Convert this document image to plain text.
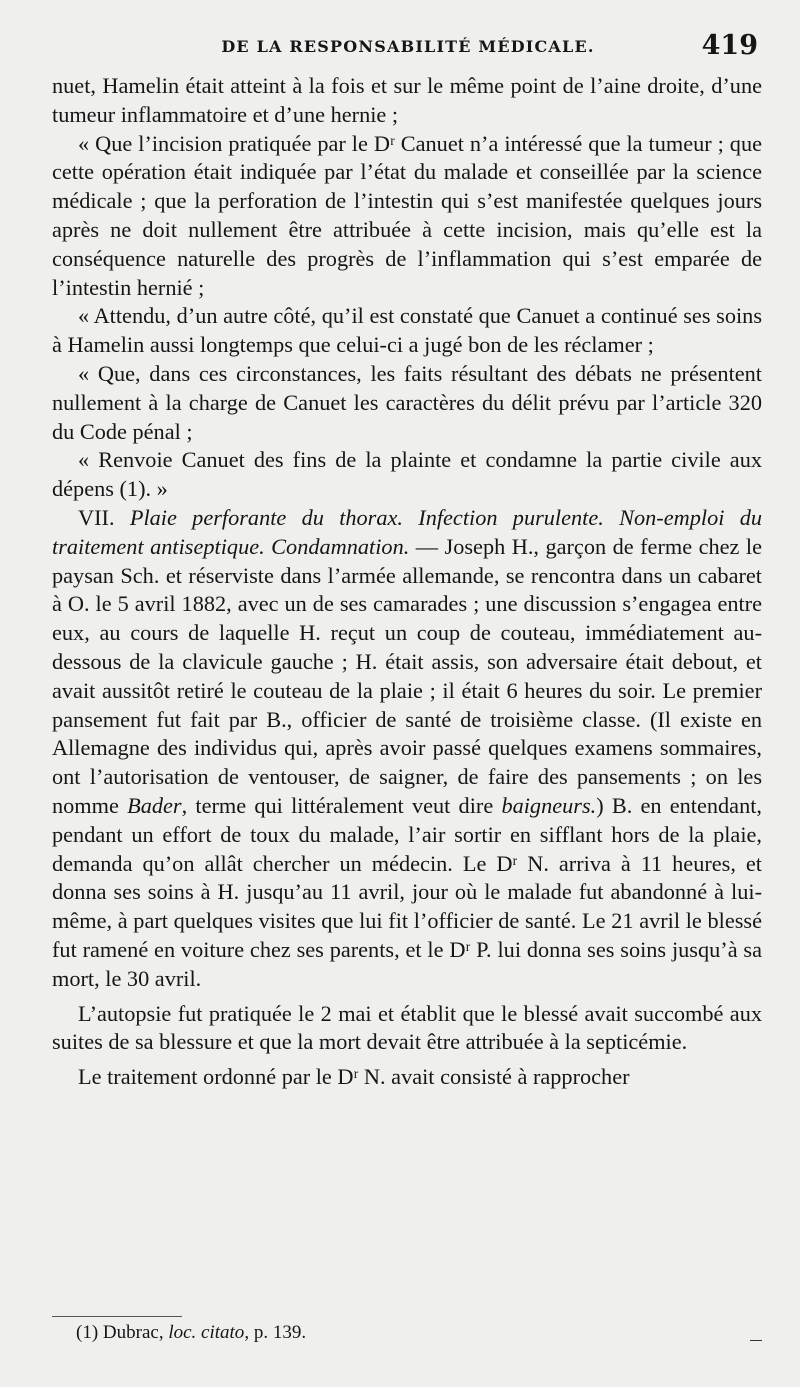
DE LA RESPONSABILITÉ MÉDICALE.	419

nuet, Hamelin était atteint à la fois et sur le même point de l’aine droite, d’une tumeur inflammatoire et d’une hernie ;

« Que l’incision pratiquée par le Dʳ Canuet n’a intéressé que la tumeur ; que cette opération était indiquée par l’état du malade et conseillée par la science médicale ; que la perforation de l’intestin qui s’est manifestée quelques jours après ne doit nullement être attribuée à cette incision, mais qu’elle est la conséquence naturelle des progrès de l’inflammation qui s’est emparée de l’intestin hernié ;

« Attendu, d’un autre côté, qu’il est constaté que Canuet a continué ses soins à Hamelin aussi longtemps que celui-ci a jugé bon de les réclamer ;

« Que, dans ces circonstances, les faits résultant des débats ne présentent nullement à la charge de Canuet les caractères du délit prévu par l’article 320 du Code pénal ;

« Renvoie Canuet des fins de la plainte et condamne la partie civile aux dépens (1). »

VII. Plaie perforante du thorax. Infection purulente. Non-emploi du traitement antiseptique. Condamnation. — Joseph H., garçon de ferme chez le paysan Sch. et réserviste dans l’armée allemande, se rencontra dans un cabaret à O. le 5 avril 1882, avec un de ses camarades ; une discussion s’engagea entre eux, au cours de laquelle H. reçut un coup de couteau, immédiatement au-dessous de la clavicule gauche ; H. était assis, son adversaire était debout, et avait aussitôt retiré le couteau de la plaie ; il était 6 heures du soir. Le premier pansement fut fait par B., officier de santé de troisième classe. (Il existe en Allemagne des individus qui, après avoir passé quelques examens sommaires, ont l’autorisation de ventouser, de saigner, de faire des pansements ; on les nomme Bader, terme qui littéralement veut dire baigneurs.) B. en entendant, pendant un effort de toux du malade, l’air sortir en sifflant hors de la plaie, demanda qu’on allât chercher un médecin. Le Dʳ N. arriva à 11 heures, et donna ses soins à H. jusqu’au 11 avril, jour où le malade fut abandonné à lui-même, à part quelques visites que lui fit l’officier de santé. Le 21 avril le blessé fut ramené en voiture chez ses parents, et le Dʳ P. lui donna ses soins jusqu’à sa mort, le 30 avril.

L’autopsie fut pratiquée le 2 mai et établit que le blessé avait succombé aux suites de sa blessure et que la mort devait être attribuée à la septicémie.

Le traitement ordonné par le Dʳ N. avait consisté à rapprocher

(1) Dubrac, loc. citato, p. 139.
